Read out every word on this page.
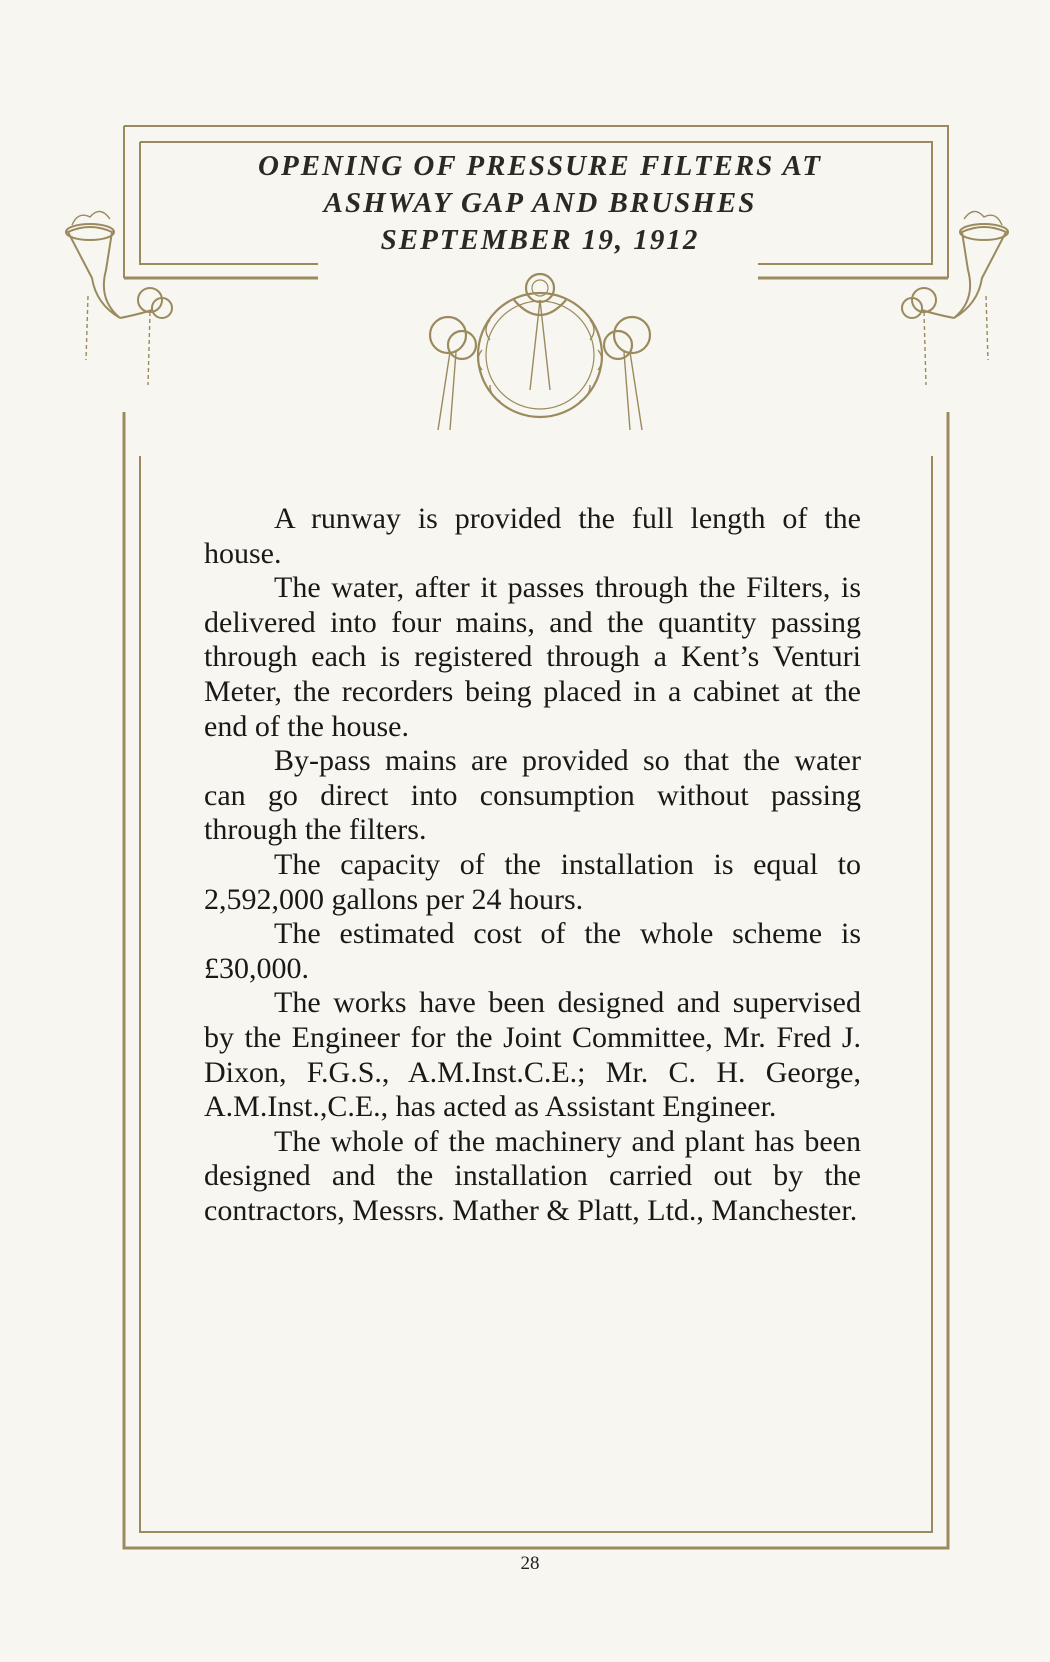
OPENING OF PRESSURE FILTERS AT
ASHWAY GAP AND BRUSHES
SEPTEMBER 19, 1912

A runway is provided the full length of the house.

The water, after it passes through the Filters, is delivered into four mains, and the quantity passing through each is registered through a Kent’s Venturi Meter, the recorders being placed in a cabinet at the end of the house.

By-pass mains are provided so that the water can go direct into consumption without passing through the filters.

The capacity of the installation is equal to 2,592,000 gallons per 24 hours.

The estimated cost of the whole scheme is £30,000.

The works have been designed and supervised by the Engineer for the Joint Committee, Mr. Fred J. Dixon, F.G.S., A.M.Inst.C.E.; Mr. C. H. George, A.M.Inst.,C.E., has acted as Assistant Engineer.

The whole of the machinery and plant has been designed and the installation carried out by the contractors, Messrs. Mather & Platt, Ltd., Manchester.

28
